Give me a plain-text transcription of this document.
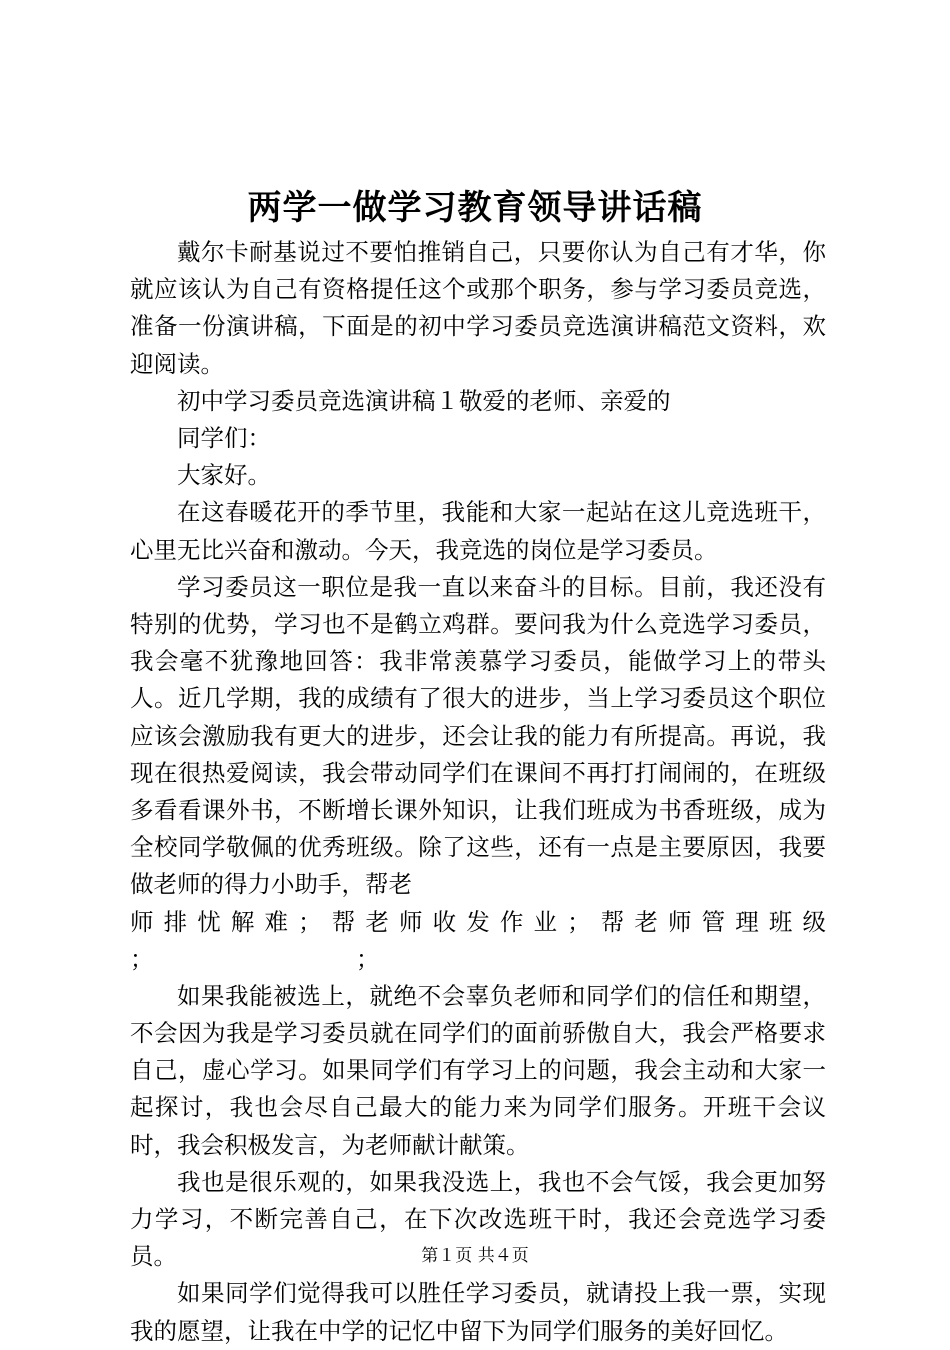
两学一做学习教育领导讲话稿

戴尔卡耐基说过不要怕推销自己，只要你认为自己有才华，你就应该认为自己有资格提任这个或那个职务，参与学习委员竞选，准备一份演讲稿，下面是的初中学习委员竞选演讲稿范文资料，欢迎阅读。

初中学习委员竞选演讲稿１敬爱的老师、亲爱的

同学们：

大家好。

在这春暖花开的季节里，我能和大家一起站在这儿竞选班干，心里无比兴奋和激动。今天，我竞选的岗位是学习委员。

学习委员这一职位是我一直以来奋斗的目标。目前，我还没有特别的优势，学习也不是鹤立鸡群。要问我为什么竞选学习委员，我会毫不犹豫地回答：我非常羡慕学习委员，能做学习上的带头人。近几学期，我的成绩有了很大的进步，当上学习委员这个职位应该会激励我有更大的进步，还会让我的能力有所提高。再说，我现在很热爱阅读，我会带动同学们在课间不再打打闹闹的，在班级多看看课外书，不断增长课外知识，让我们班成为书香班级，成为全校同学敬佩的优秀班级。除了这些，还有一点是主要原因，我要做老师的得力小助手，帮老

师排忧解难；帮老师收发作业；帮老师管理班级

；	；

如果我能被选上，就绝不会辜负老师和同学们的信任和期望，不会因为我是学习委员就在同学们的面前骄傲自大，我会严格要求自己，虚心学习。如果同学们有学习上的问题，我会主动和大家一起探讨，我也会尽自己最大的能力来为同学们服务。开班干会议时，我会积极发言，为老师献计献策。

我也是很乐观的，如果我没选上，我也不会气馁，我会更加努力学习，不断完善自己，在下次改选班干时，我还会竞选学习委员。

如果同学们觉得我可以胜任学习委员，就请投上我一票，实现我的愿望，让我在中学的记忆中留下为同学们服务的美好回忆。

第１页 共４页
